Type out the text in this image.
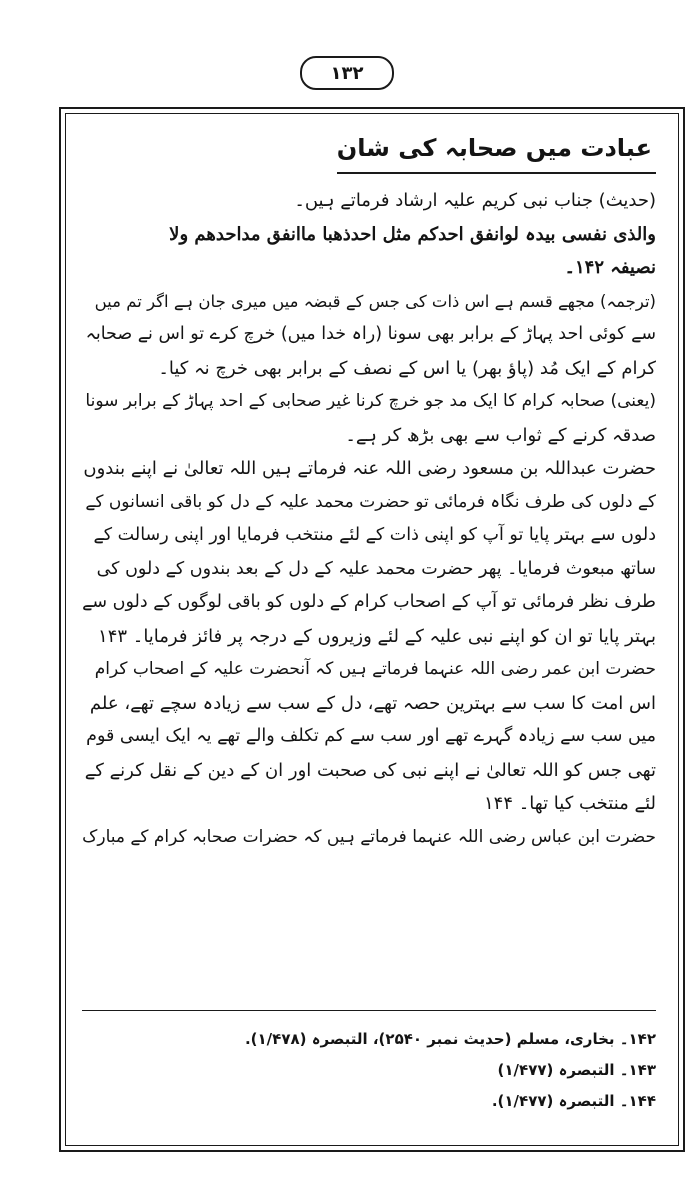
۱۳۲
عبادت میں صحابہ کی شان

(حدیث) جناب نبی کریم علیہ ارشاد فرماتے ہیں۔

والذی نفسی بیدہ لوانفق احدکم مثل احدذھبا ماانفق مداحدھم ولا

نصیفہ ۱۴۲۔

(ترجمہ) مجھے قسم ہے اس ذات کی جس کے قبضہ میں میری جان ہے اگر تم میں

سے کوئی احد پہاڑ کے برابر بھی سونا (راہ خدا میں) خرچ کرے تو اس نے صحابہ

کرام کے ایک مُد (پاؤ بھر) یا اس کے نصف کے برابر بھی خرچ نہ کیا۔

(یعنی) صحابہ کرام کا ایک مد جو خرچ کرنا غیر صحابی کے احد پہاڑ کے برابر سونا

صدقہ کرنے کے ثواب سے بھی بڑھ کر ہے۔

حضرت عبداللہ بن مسعود رضی اللہ عنہ فرماتے ہیں اللہ تعالیٰ نے اپنے بندوں

کے دلوں کی طرف نگاہ فرمائی تو حضرت محمد علیہ کے دل کو باقی انسانوں کے

دلوں سے بہتر پایا تو آپ کو اپنی ذات کے لئے منتخب فرمایا اور اپنی رسالت کے

ساتھ مبعوث فرمایا۔ پھر حضرت محمد علیہ کے دل کے بعد بندوں کے دلوں کی

طرف نظر فرمائی تو آپ کے اصحاب کرام کے دلوں کو باقی لوگوں کے دلوں سے

بہتر پایا تو ان کو اپنے نبی علیہ کے لئے وزیروں کے درجہ پر فائز فرمایا۔ ۱۴۳

حضرت ابن عمر رضی اللہ عنہما فرماتے ہیں کہ آنحضرت علیہ کے اصحاب کرام

اس امت کا سب سے بہترین حصہ تھے، دل کے سب سے زیادہ سچے تھے، علم

میں سب سے زیادہ گہرے تھے اور سب سے کم تکلف والے تھے یہ ایک ایسی قوم

تھی جس کو اللہ تعالیٰ نے اپنے نبی کی صحبت اور ان کے دین کے نقل کرنے کے

لئے منتخب کیا تھا۔ ۱۴۴

حضرت ابن عباس رضی اللہ عنہما فرماتے ہیں کہ حضرات صحابہ کرام کے مبارک

۱۴۲۔ بخاری، مسلم (حدیث نمبر ۲۵۴۰)، التبصرہ (۱/۴۷۸).
۱۴۳۔ التبصرہ (۱/۴۷۷)
۱۴۴۔ التبصرہ (۱/۴۷۷).
